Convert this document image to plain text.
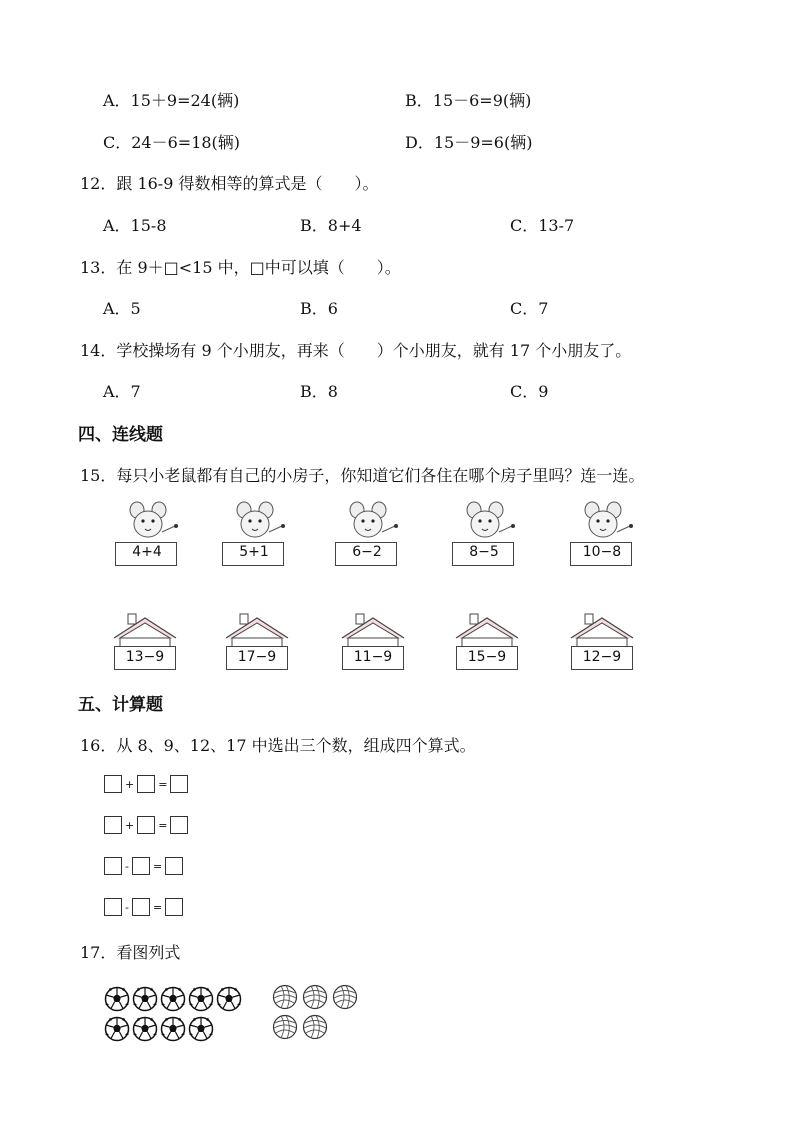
A．15＋9=24(辆)	B．15－6=9(辆)
C．24－6=18(辆)	D．15－9=6(辆)
12．跟 16-9 得数相等的算式是（　　）。
A．15-8	B．8+4	C．13-7
13．在 9＋□<15 中，□中可以填（　　）。
A．5	B．6	C．7
14．学校操场有 9 个小朋友，再来（　　）个小朋友，就有 17 个小朋友了。
A．7	B．8	C．9
四、连线题
15．每只小老鼠都有自己的小房子，你知道它们各住在哪个房子里吗？连一连。
4+4	5+1	6−2	8−5	10−8
13−9	17−9	11−9	15−9	12−9
五、计算题
16．从 8、9、12、17 中选出三个数，组成四个算式。
+ =
+ =
- =
- =
17．看图列式
